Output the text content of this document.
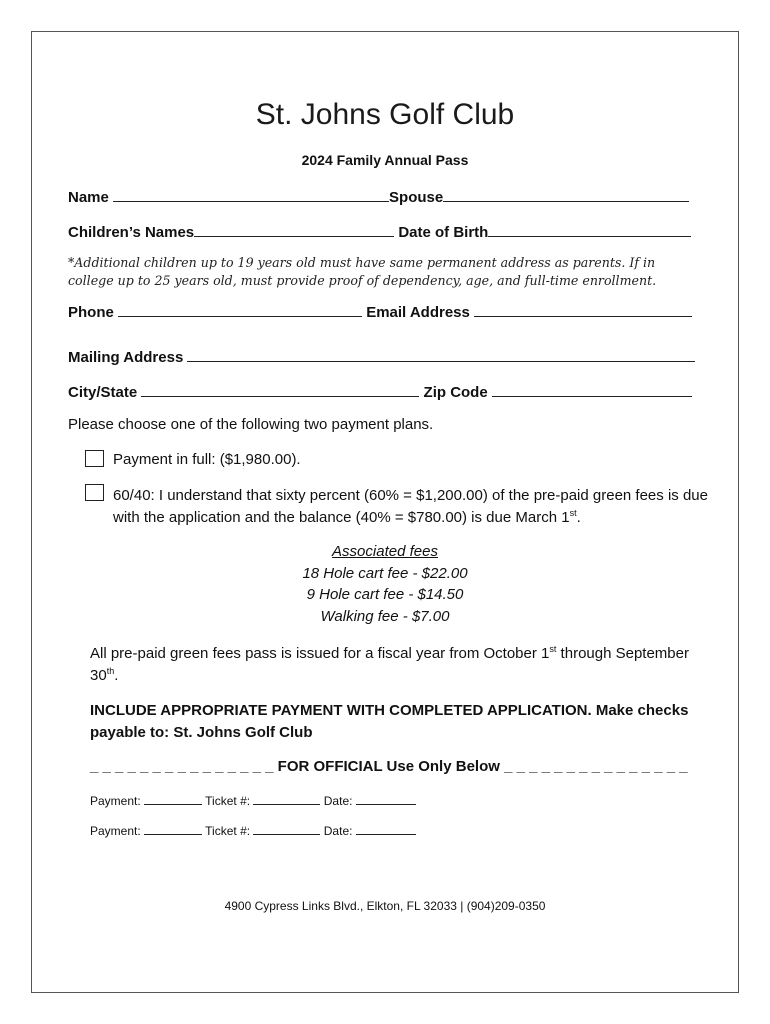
St. Johns Golf Club
2024 Family Annual Pass
Name	Spouse
Children’s Names	Date of Birth
*Additional children up to 19 years old must have same permanent address as parents. If in college up to 25 years old, must provide proof of dependency, age, and full-time enrollment.
Phone	Email Address
Mailing Address
City/State	Zip Code
Please choose one of the following two payment plans.
Payment in full: ($1,980.00).
60/40: I understand that sixty percent (60% = $1,200.00) of the pre-paid green fees is due with the application and the balance (40% = $780.00) is due March 1st.
Associated fees
18 Hole cart fee - $22.00
9 Hole cart fee - $14.50
Walking fee - $7.00
All pre-paid green fees pass is issued for a fiscal year from October 1st through September 30th.
INCLUDE APPROPRIATE PAYMENT WITH COMPLETED APPLICATION. Make checks payable to: St. Johns Golf Club
_ _ _ _ _ _ _ _ _ _ _ _ _ _ _ FOR OFFICIAL Use Only Below _ _ _ _ _ _ _ _ _ _ _ _ _ _ _
Payment:	Ticket #:	Date:
Payment:	Ticket #:	Date:
4900 Cypress Links Blvd., Elkton, FL 32033 | (904)209-0350
